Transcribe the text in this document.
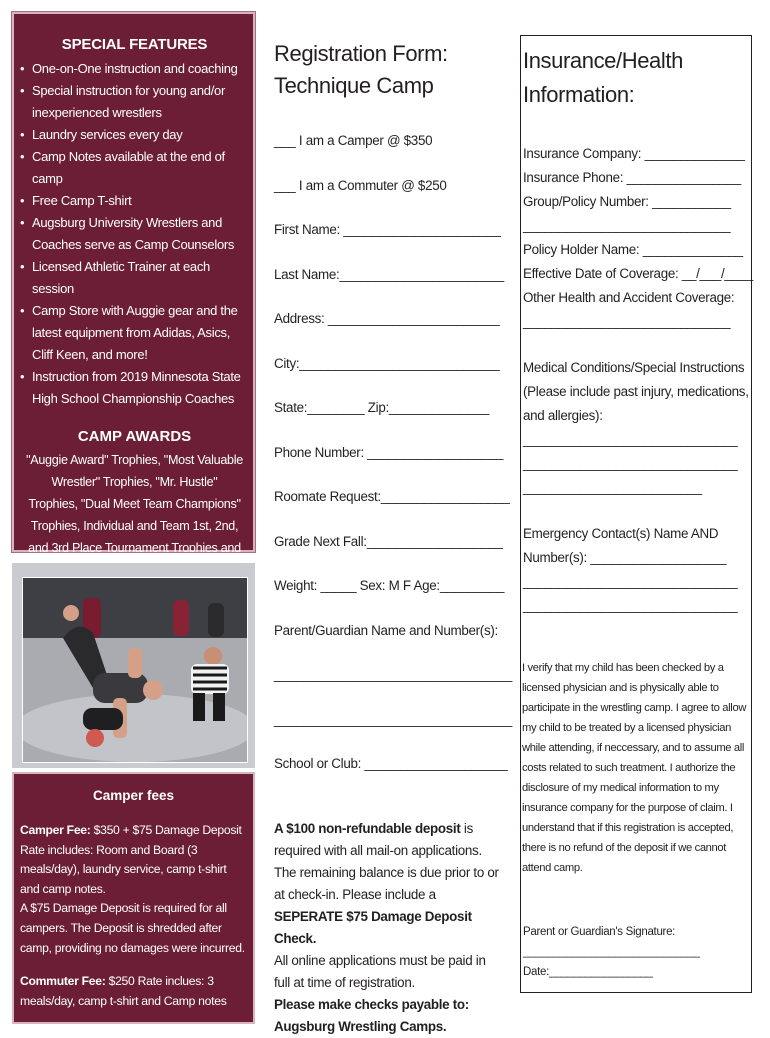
SPECIAL FEATURES
• One-on-One instruction and coaching
• Special instruction for young and/or inexperienced wrestlers
• Laundry services every day
• Camp Notes available at the end of camp
• Free Camp T-shirt
• Augsburg University Wrestlers and Coaches serve as Camp Counselors
• Licensed Athletic Trainer at each session
• Camp Store with Auggie gear and the latest equipment from Adidas, Asics, Cliff Keen, and more!
• Instruction from 2019 Minnesota State High School Championship Coaches
CAMP AWARDS
"Auggie Award" Trophies, "Most Valuable Wrestler" Trophies, "Mr. Hustle" Trophies, "Dual Meet Team Champions" Trophies, Individual and Team 1st, 2nd, and 3rd Place Tournament Trophies and
Camper fees

Camper Fee: $350 + $75 Damage Deposit

Rate includes: Room and Board (3 meals/day), laundry service, camp t-shirt and camp notes.

A $75 Damage Deposit is required for all campers. The Deposit is shredded after camp, providing no damages were incurred.

Commuter Fee: $250 Rate inclues: 3 meals/day, camp t-shirt and Camp notes

Registration Form:
Technique Camp
___ I am a Camper @ $350
___ I am a Commuter @ $250
First Name: ______________________
Last Name:_______________________
Address: ________________________
City:____________________________
State:________ Zip:______________
Phone Number: ___________________
Roomate Request:__________________
Grade Next Fall:___________________
Weight: _____ Sex: M F Age:_________
Parent/Guardian Name and Number(s):
________________________________
________________________________
School or Club: ____________________
A $100 non-refundable deposit is required with all mail-on applications. The remaining balance is due prior to or at check-in. Please include a SEPERATE $75 Damage Deposit Check.
All online applications must be paid in full at time of registration.
Please make checks payable to: Augsburg Wrestling Camps.
Insurance/Health
Information:
Insurance Company: ______________
Insurance Phone: ________________
Group/Policy Number: ___________
_____________________________
Policy Holder Name: ______________
Effective Date of Coverage: __/___/____
Other Health and Accident Coverage:
_____________________________
Medical Conditions/Special Instructions (Please include past injury, medications, and allergies):
______________________________
______________________________
_________________________
Emergency Contact(s) Name AND Number(s): ___________________
______________________________
______________________________
I verify that my child has been checked by a licensed physician and is physically able to participate in the wrestling camp. I agree to allow my child to be treated by a licensed physician while attending, if neccessary, and to assume all costs related to such treatment. I authorize the disclosure of my medical information to my insurance company for the purpose of claim. I understand that if this registration is accepted, there is no refund of the deposit if we cannot attend camp.
Parent or Guardian's Signature:
_____________________________
Date:_________________
